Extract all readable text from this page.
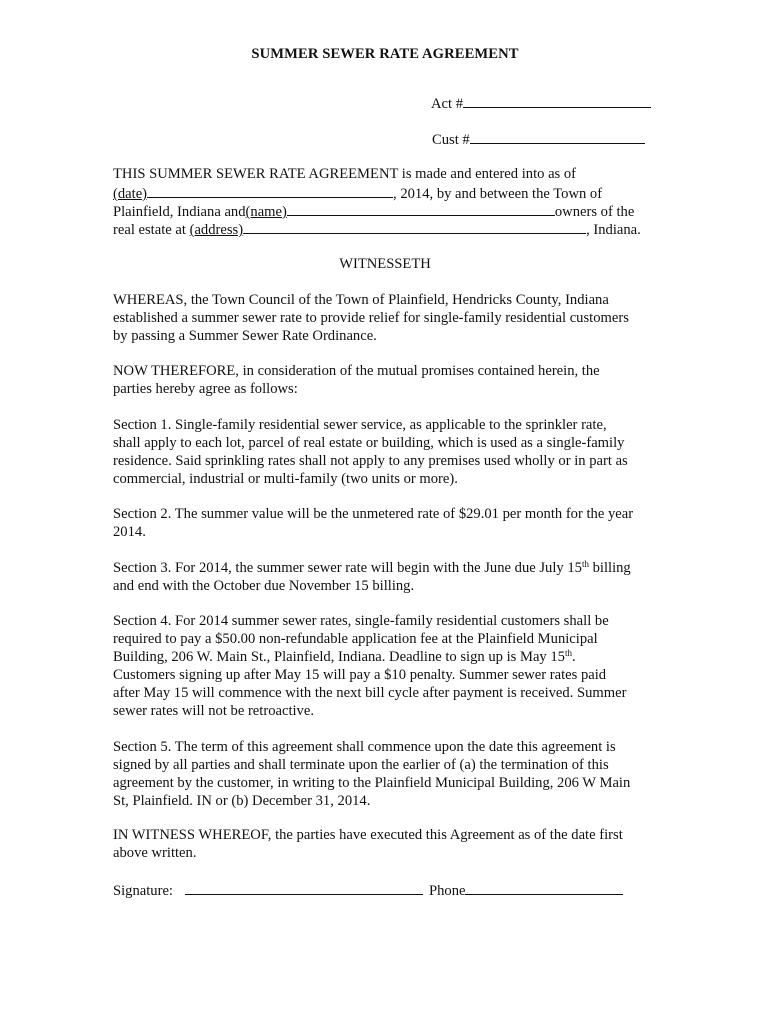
SUMMER SEWER RATE AGREEMENT
Act #
Cust #
THIS SUMMER SEWER RATE AGREEMENT is made and entered into as of
(date)	, 2014, by and between the Town of
Plainfield, Indiana and(name)	owners of the
real estate at (address)	, Indiana.
WITNESSETH
WHEREAS, the Town Council of the Town of Plainfield, Hendricks County, Indiana
established a summer sewer rate to provide relief for single-family residential customers
by passing a Summer Sewer Rate Ordinance.
NOW THEREFORE, in consideration of the mutual promises contained herein, the
parties hereby agree as follows:
Section 1. Single-family residential sewer service, as applicable to the sprinkler rate,
shall apply to each lot, parcel of real estate or building, which is used as a single-family
residence. Said sprinkling rates shall not apply to any premises used wholly or in part as
commercial, industrial or multi-family (two units or more).
Section 2. The summer value will be the unmetered rate of $29.01 per month for the year
2014.
Section 3. For 2014, the summer sewer rate will begin with the June due July 15th billing
and end with the October due November 15 billing.
Section 4. For 2014 summer sewer rates, single-family residential customers shall be
required to pay a $50.00 non-refundable application fee at the Plainfield Municipal
Building, 206 W. Main St., Plainfield, Indiana. Deadline to sign up is May 15th.
Customers signing up after May 15 will pay a $10 penalty. Summer sewer rates paid
after May 15 will commence with the next bill cycle after payment is received. Summer
sewer rates will not be retroactive.
Section 5. The term of this agreement shall commence upon the date this agreement is
signed by all parties and shall terminate upon the earlier of (a) the termination of this
agreement by the customer, in writing to the Plainfield Municipal Building, 206 W Main
St, Plainfield. IN or (b) December 31, 2014.
IN WITNESS WHEREOF, the parties have executed this Agreement as of the date first
above written.
Signature:	Phone
